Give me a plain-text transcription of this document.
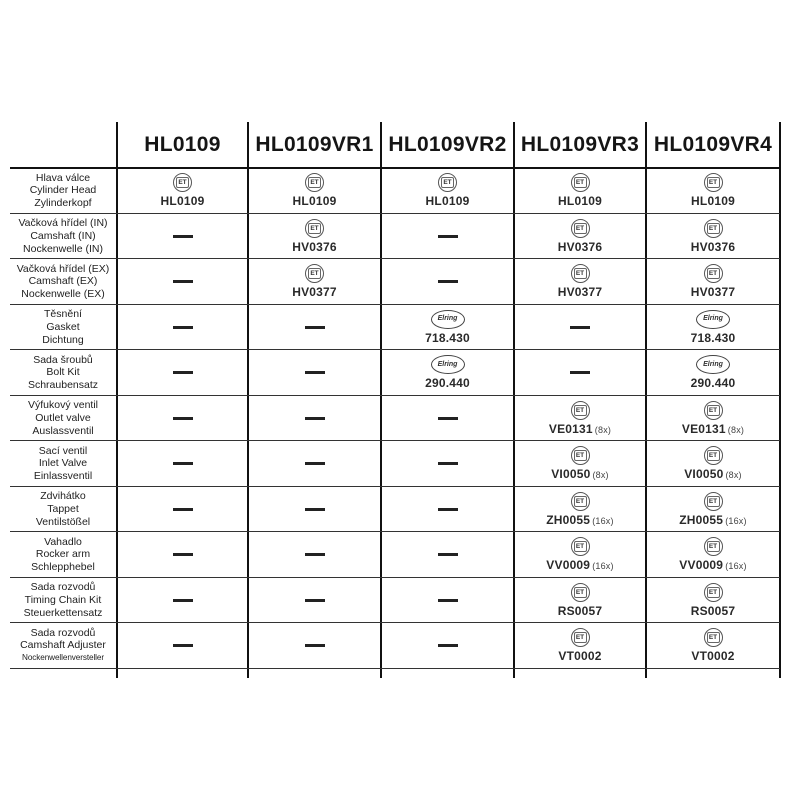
HL0109	HL0109VR1 HL0109VR2 HL0109VR3 HL0109VR4
Hlava válce
Cylinder Head
Zylinderkopf
ET
HL0109
ET
HL0109
ET
HL0109
ET
HL0109
ET
HL0109
Vačková hřídel (IN)
Camshaft (IN)
Nockenwelle (IN)
ET
HV0376
ET
HV0376
ET
HV0376
Vačková hřídel (EX)
Camshaft (EX)
Nockenwelle (EX)
ET
HV0377
ET
HV0377
ET
HV0377
Těsnění
Gasket
Dichtung
Elring
718.430
Elring
718.430
Sada šroubů
Bolt Kit
Schraubensatz
Elring
290.440
Elring
290.440
Výfukový ventil
Outlet valve
Auslassventil
ET
VE0131 (8x)
ET
VE0131 (8x)
Sací ventil
Inlet Valve
Einlassventil
ET
VI0050 (8x)
ET
VI0050 (8x)
Zdvihátko
Tappet
Ventilstößel
ET
ZH0055 (16x)
ET
ZH0055 (16x)
Vahadlo
Rocker arm
Schlepphebel
ET
VV0009 (16x)
ET
VV0009 (16x)
Sada rozvodů
Timing Chain Kit
Steuerkettensatz
ET
RS0057
ET
RS0057
Sada rozvodů
Camshaft Adjuster
Nockenwellenversteller
ET
VT0002
ET
VT0002
